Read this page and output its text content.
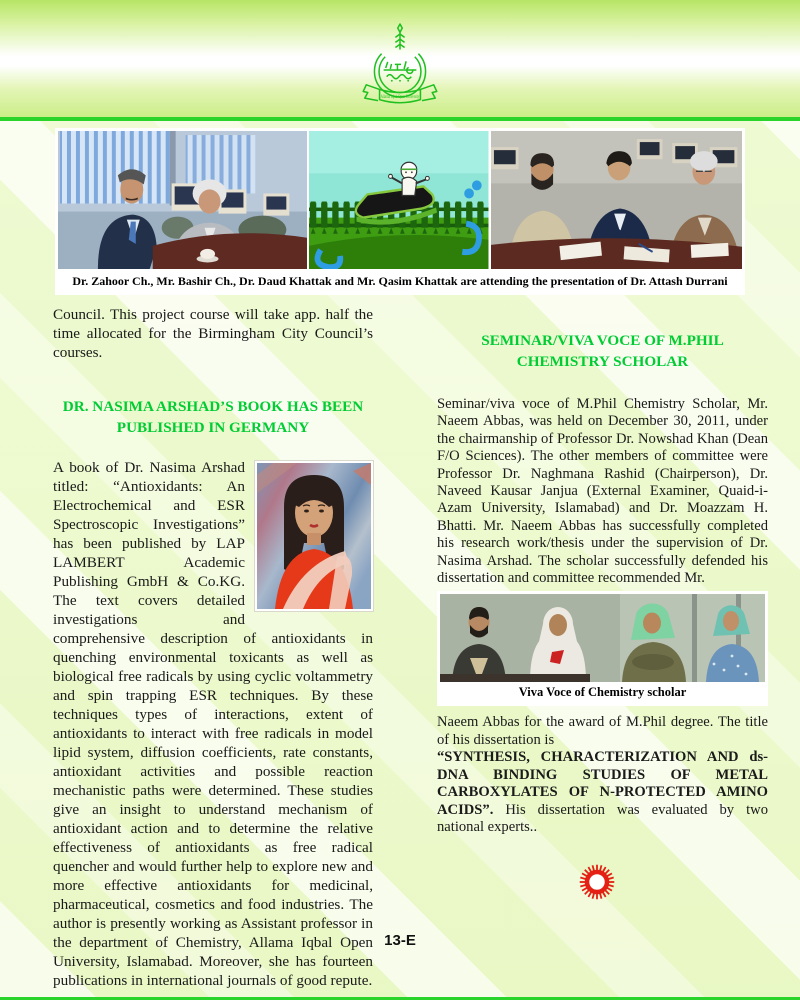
Allama Iqbal Open University
Dr. Zahoor Ch., Mr. Bashir Ch., Dr. Daud Khattak and Mr. Qasim Khattak are attending the presentation of Dr. Attash Durrani

Council. This project course will take app. half the time allocated for the Birmingham City Council’s courses.

DR. NASIMA ARSHAD’S BOOK HAS BEEN PUBLISHED IN GERMANY
A book of Dr. Nasima Arshad titled: “Antioxidants: An Electrochemical and ESR Spectroscopic Investigations” has been published by LAP LAMBERT Academic Publishing GmbH & Co.KG. The text covers detailed investigations and comprehensive description of antioxidants in quenching environmental toxicants as well as biological free radicals by using cyclic voltammetry and spin trapping ESR techniques. By these techniques types of interactions, extent of antioxidants to interact with free radicals in model lipid system, diffusion coefficients, rate constants, antioxidant activities and possible reaction mechanistic paths were determined. These studies give an insight to understand mechanism of antioxidant action and to determine the relative effectiveness of antioxidants as free radical quencher and would further help to explore new and more effective antioxidants for medicinal, pharmaceutical, cosmetics and food industries. The author is presently working as Assistant professor in the department of Chemistry, Allama Iqbal Open University, Islamabad. Moreover, she has fourteen publications in international journals of good repute.
SEMINAR/VIVA VOCE OF M.PHIL CHEMISTRY SCHOLAR

Seminar/viva voce of M.Phil Chemistry Scholar, Mr. Naeem Abbas, was held on December 30, 2011, under the chairmanship of Professor Dr. Nowshad Khan (Dean F/O Sciences). The other members of committee were Professor Dr. Naghmana Rashid (Chairperson), Dr. Naveed Kausar Janjua (External Examiner, Quaid-i-Azam University, Islamabad) and Dr. Moazzam H. Bhatti. Mr. Naeem Abbas has successfully completed his research work/thesis under the supervision of Dr. Nasima Arshad. The scholar successfully defended his dissertation and committee recommended Mr.

Viva Voce of Chemistry scholar
Naeem Abbas for the award of M.Phil degree. The title of his dissertation is
“SYNTHESIS, CHARACTERIZATION AND ds-DNA BINDING STUDIES OF METAL CARBOXYLATES OF N-PROTECTED AMINO ACIDS”. His dissertation was evaluated by two national experts..
13-E
